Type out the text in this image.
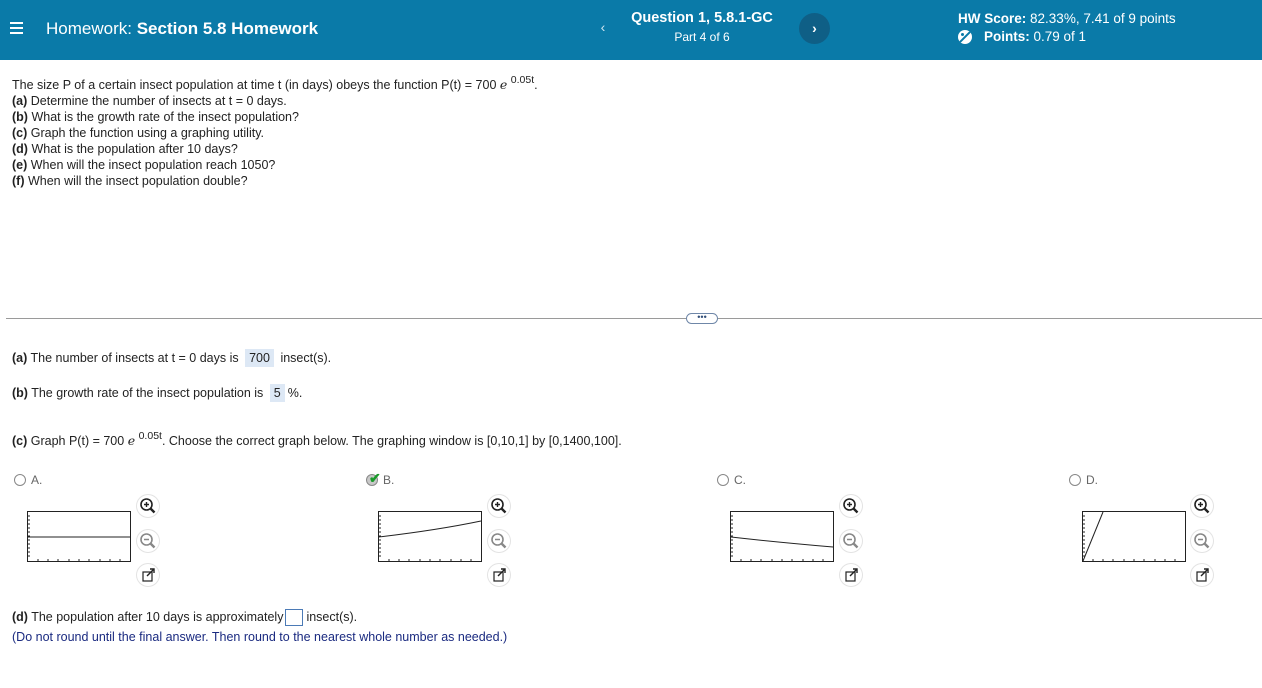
Homework: Section 5.8 Homework	‹
Question 1, 5.8.1-GC
Part 4 of 6
›
HW Score: 82.33%, 7.41 of 9 points
Points:
0.79 of 1
The size P of a certain insect population at time t (in days) obeys the function P(t) = 700 e $^{0.05t}$.
(a) Determine the number of insects at t = 0 days.
(b) What is the growth rate of the insect population?
(c) Graph the function using a graphing utility.
(d) What is the population after 10 days?
(e) When will the insect population reach 1050?
(f) When will the insect population double?
•••
(a) The number of insects at t = 0 days is 700 insect(s).
(b) The growth rate of the insect population is 5 %.
(c) Graph P(t) = 700 e $^{0.05t}$. Choose the correct graph below. The graphing window is [0,10,1] by [0,1400,100].
A.	✔ B.	C.	D.
(d) The population after 10 days is approximately insect(s).
(Do not round until the final answer. Then round to the nearest whole number as needed.)
